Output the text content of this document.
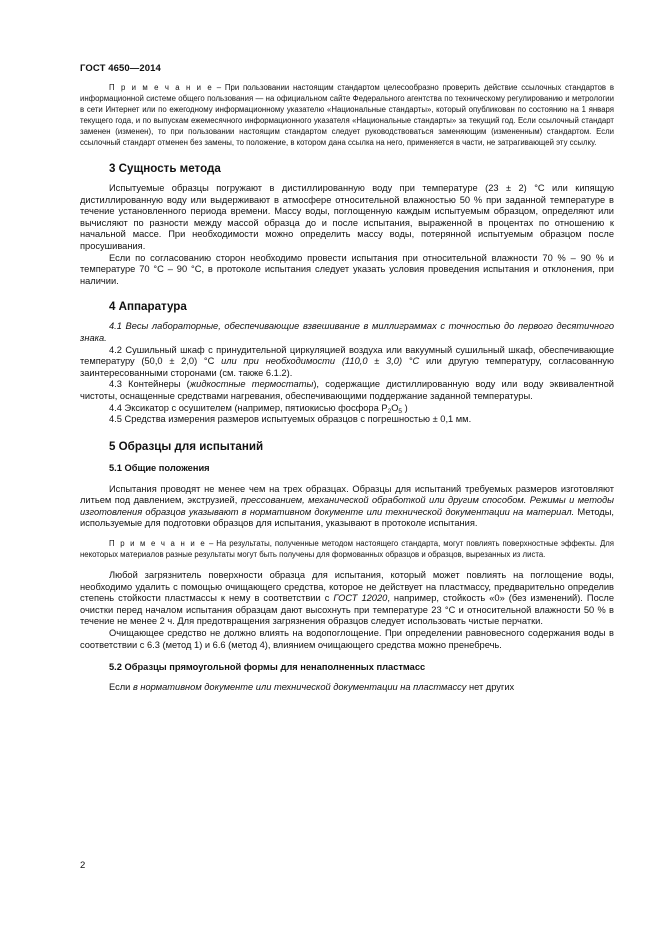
ГОСТ 4650—2014

П р и м е ч а н и е – При пользовании настоящим стандартом целесообразно проверить действие ссылочных стандартов в информационной системе общего пользования — на официальном сайте Федерального агентства по техническому регулированию и метрологии в сети Интернет или по ежегодному информационному указателю «Национальные стандарты», который опубликован по состоянию на 1 января текущего года, и по выпускам ежемесячного информационного указателя «Национальные стандарты» за текущий год. Если ссылочный стандарт заменен (изменен), то при пользовании настоящим стандартом следует руководствоваться заменяющим (измененным) стандартом. Если ссылочный стандарт отменен без замены, то положение, в котором дана ссылка на него, применяется в части, не затрагивающей эту ссылку.

3 Сущность метода

Испытуемые образцы погружают в дистиллированную воду при температуре (23 ± 2) °С или кипящую дистиллированную воду или выдерживают в атмосфере относительной влажностью 50 % при заданной температуре в течение установленного периода времени. Массу воды, поглощенную каждым испытуемым образцом, определяют или вычисляют по разности между массой образца до и после испытания, выраженной в процентах по отношению к начальной массе. При необходимости можно определить массу воды, потерянной испытуемым образцом после просушивания.

Если по согласованию сторон необходимо провести испытания при относительной влажности 70 % – 90 % и температуре 70 °С – 90 °С, в протоколе испытания следует указать условия проведения испытания и отклонения, при наличии.

4 Аппаратура

4.1 Весы лабораторные, обеспечивающие взвешивание в миллиграммах с точностью до первого десятичного знака.

4.2 Сушильный шкаф с принудительной циркуляцией воздуха или вакуумный сушильный шкаф, обеспечивающие температуру (50,0 ± 2,0) °С или при необходимости (110,0 ± 3,0) °С или другую температуру, согласованную заинтересованными сторонами (см. также 6.1.2).

4.3 Контейнеры (жидкостные термостаты), содержащие дистиллированную воду или воду эквивалентной чистоты, оснащенные средствами нагревания, обеспечивающими поддержание заданной температуры.

4.4 Эксикатор с осушителем (например, пятиокисью фосфора $P_2O_5$ )

4.5 Средства измерения размеров испытуемых образцов с погрешностью ± 0,1 мм.

5 Образцы для испытаний
5.1 Общие положения

Испытания проводят не менее чем на трех образцах. Образцы для испытаний требуемых размеров изготовляют литьем под давлением, экструзией, прессованием, механической обработкой или другим способом. Режимы и методы изготовления образцов указывают в нормативном документе или технической документации на материал. Методы, используемые для подготовки образцов для испытания, указывают в протоколе испытания.

П р и м е ч а н и е – На результаты, полученные методом настоящего стандарта, могут повлиять поверхностные эффекты. Для некоторых материалов разные результаты могут быть получены для формованных образцов и образцов, вырезанных из листа.

Любой загрязнитель поверхности образца для испытания, который может повлиять на поглощение воды, необходимо удалить с помощью очищающего средства, которое не действует на пластмассу, предварительно определив степень стойкости пластмассы к нему в соответствии с ГОСТ 12020, например, стойкость «0» (без изменений). После очистки перед началом испытания образцам дают высохнуть при температуре 23 °С и относительной влажности 50 % в течение не менее 2 ч. Для предотвращения загрязнения образцов следует использовать чистые перчатки.

Очищающее средство не должно влиять на водопоглощение. При определении равновесного содержания воды в соответствии с 6.3 (метод 1) и 6.6 (метод 4), влиянием очищающего средства можно пренебречь.

5.2 Образцы прямоугольной формы для ненаполненных пластмасс

Если в нормативном документе или технической документации на пластмассу нет других

2
